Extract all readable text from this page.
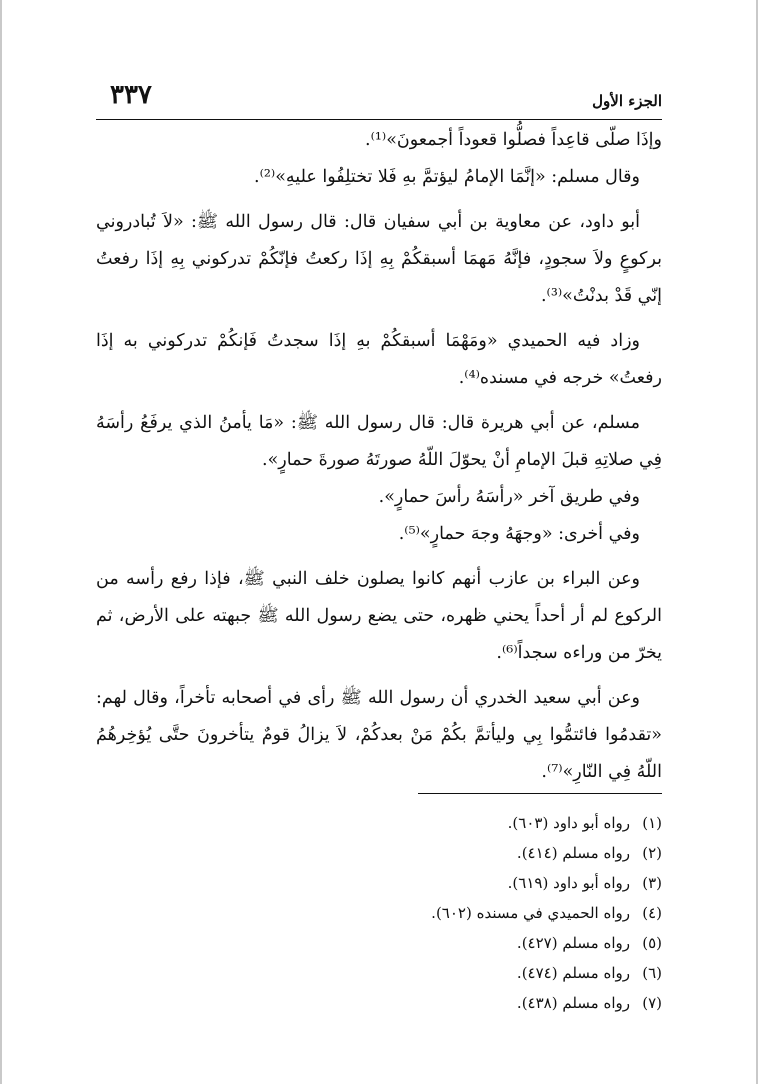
٣٣٧	الجزء الأول

وإذَا صلّى قاعِداً فصلُّوا قعوداً أجمعونَ»⁽¹⁾.

وقال مسلم: «إنَّمَا الإمامُ ليؤتمَّ بهِ فَلا تختلِفُوا عليهِ»⁽²⁾.

أبو داود، عن معاوية بن أبي سفيان قال: قال رسول الله ﷺ: «لاَ تُبادروني بركوعٍ ولاَ سجودٍ، فإنَّهُ مَهمَا أسبقكُمْ بِهِ إذَا ركعتُ فإنّكُمْ تدركوني بِهِ إذَا رفعتُ إنّي قَدْ بدنْتُ»⁽³⁾.

وزاد فيه الحميدي «ومَهْمَا أسبقكُمْ بهِ إذَا سجدتُ فَإنكُمْ تدركوني به إذَا رفعتُ» خرجه في مسنده⁽⁴⁾.

مسلم، عن أبي هريرة قال: قال رسول الله ﷺ: «مَا يأمنُ الذي يرفَعُ رأسَهُ فِي صلاتِهِ قبلَ الإمامِ أنْ يحوّلَ اللّهُ صورتَهُ صورةَ حمارٍ».

وفي طريق آخر «رأسَهُ رأسَ حمارٍ».

وفي أخرى: «وجهَهُ وجهَ حمارٍ»⁽⁵⁾.

وعن البراء بن عازب أنهم كانوا يصلون خلف النبي ﷺ، فإذا رفع رأسه من الركوع لم أر أحداً يحني ظهره، حتى يضع رسول الله ﷺ جبهته على الأرض، ثم يخرّ من وراءه سجداً⁽⁶⁾.

وعن أبي سعيد الخدري أن رسول الله ﷺ رأى في أصحابه تأخراً، وقال لهم: «تقدمُوا فائتمُّوا بِي وليأتمَّ بكُمْ مَنْ بعدكُمْ، لاَ يزالُ قومٌ يتأخرونَ حتَّى يُؤخِرهُمُ اللّهُ فِي النّارِ»⁽⁷⁾.

(١)رواه أبو داود (٦٠٣).
(٢)رواه مسلم (٤١٤).
(٣)رواه أبو داود (٦١٩).
(٤)رواه الحميدي في مسنده (٦٠٢).
(٥)رواه مسلم (٤٢٧).
(٦)رواه مسلم (٤٧٤).
(٧)رواه مسلم (٤٣٨).
